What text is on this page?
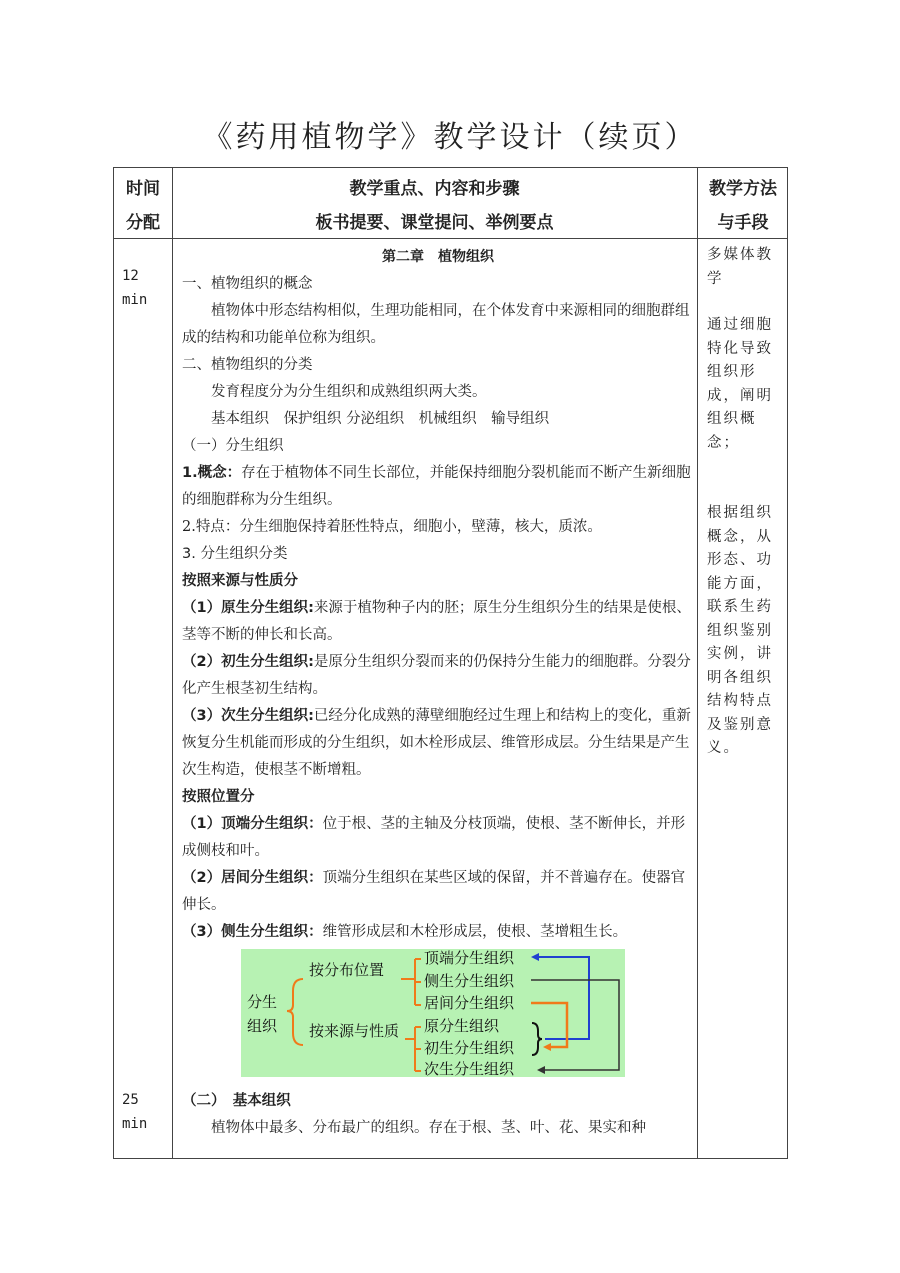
《药用植物学》教学设计（续页）
时间
分配
教学重点、内容和步骤
板书提要、课堂提问、举例要点
教学方法
与手段
12
min
25
min

第二章　植物组织

一、植物组织的概念

植物体中形态结构相似，生理功能相同，在个体发育中来源相同的细胞群组成的结构和功能单位称为组织。

二、植物组织的分类

发育程度分为分生组织和成熟组织两大类。

基本组织　保护组织 分泌组织　机械组织　输导组织

（一）分生组织

1.概念：存在于植物体不同生长部位，并能保持细胞分裂机能而不断产生新细胞的细胞群称为分生组织。

2.特点：分生细胞保持着胚性特点，细胞小，壁薄，核大，质浓。

3. 分生组织分类

按照来源与性质分

（1）原生分生组织:来源于植物种子内的胚；原生分生组织分生的结果是使根、茎等不断的伸长和长高。

（2）初生分生组织:是原分生组织分裂而来的仍保持分生能力的细胞群。分裂分化产生根茎初生结构。

（3）次生分生组织:已经分化成熟的薄壁细胞经过生理上和结构上的变化，重新恢复分生机能而形成的分生组织，如木栓形成层、维管形成层。分生结果是产生次生构造，使根茎不断增粗。

按照位置分

（1）顶端分生组织：位于根、茎的主轴及分枝顶端，使根、茎不断伸长，并形成侧枝和叶。

（2）居间分生组织：顶端分生组织在某些区域的保留，并不普遍存在。使器官伸长。

（3）侧生分生组织：维管形成层和木栓形成层，使根、茎增粗生长。

分生
组织
按分布位置
按来源与性质
顶端分生组织
侧生分生组织
居间分生组织
原分生组织
初生分生组织
次生分生组织

（二）　基本组织

植物体中最多、分布最广的组织。存在于根、茎、叶、花、果实和种

多媒体教学
通过细胞特化导致组织形成，阐明组织概念；
根据组织概念，从形态、功能方面，联系生药组织鉴别实例，讲明各组织结构特点及鉴别意义。
